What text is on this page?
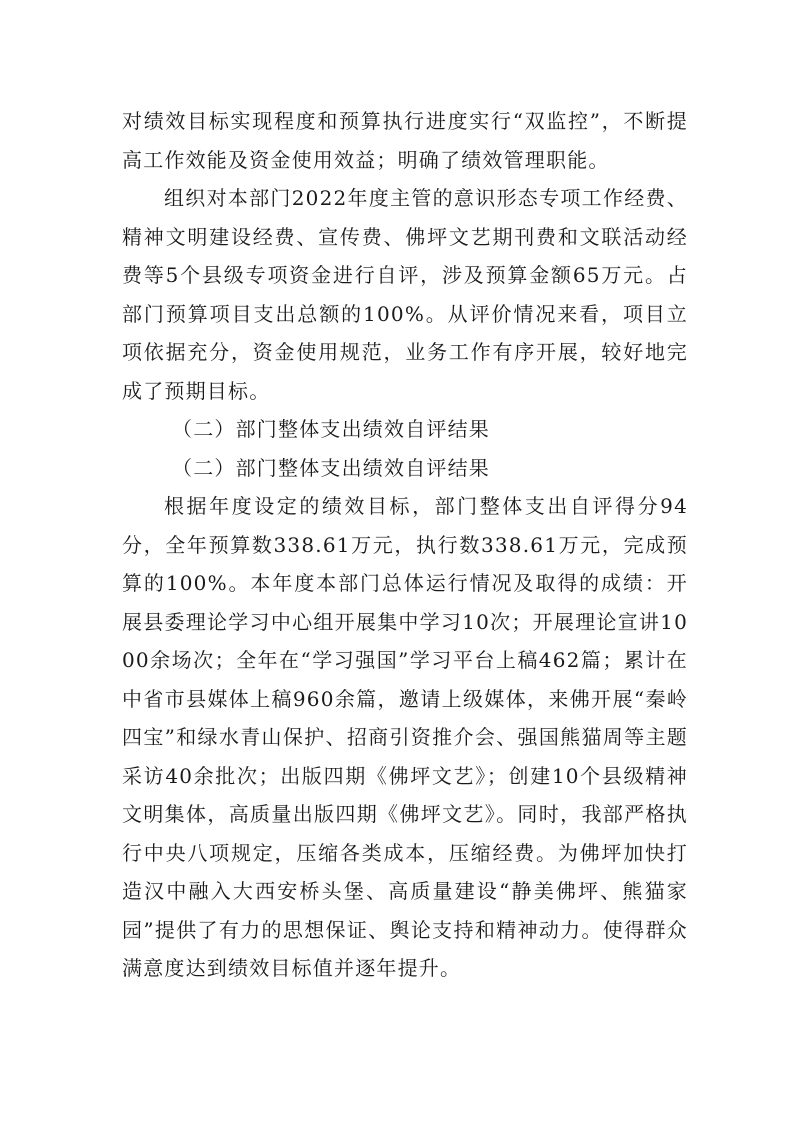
对绩效目标实现程度和预算执行进度实行“双监控”，不断提高工作效能及资金使用效益；明确了绩效管理职能。

组织对本部门2022年度主管的意识形态专项工作经费、精神文明建设经费、宣传费、佛坪文艺期刊费和文联活动经费等5个县级专项资金进行自评，涉及预算金额65万元。占部门预算项目支出总额的100%。从评价情况来看，项目立项依据充分，资金使用规范，业务工作有序开展，较好地完成了预期目标。

（二）部门整体支出绩效自评结果
（二）部门整体支出绩效自评结果

根据年度设定的绩效目标，部门整体支出自评得分94分，全年预算数338.61万元，执行数338.61万元，完成预算的100%。本年度本部门总体运行情况及取得的成绩：开展县委理论学习中心组开展集中学习10次；开展理论宣讲1000余场次；全年在“学习强国”学习平台上稿462篇；累计在中省市县媒体上稿960余篇，邀请上级媒体，来佛开展“秦岭四宝”和绿水青山保护、招商引资推介会、强国熊猫周等主题采访40余批次；出版四期《佛坪文艺》；创建10个县级精神文明集体，高质量出版四期《佛坪文艺》。同时，我部严格执行中央八项规定，压缩各类成本，压缩经费。为佛坪加快打造汉中融入大西安桥头堡、高质量建设“静美佛坪、熊猫家园”提供了有力的思想保证、舆论支持和精神动力。使得群众满意度达到绩效目标值并逐年提升。
